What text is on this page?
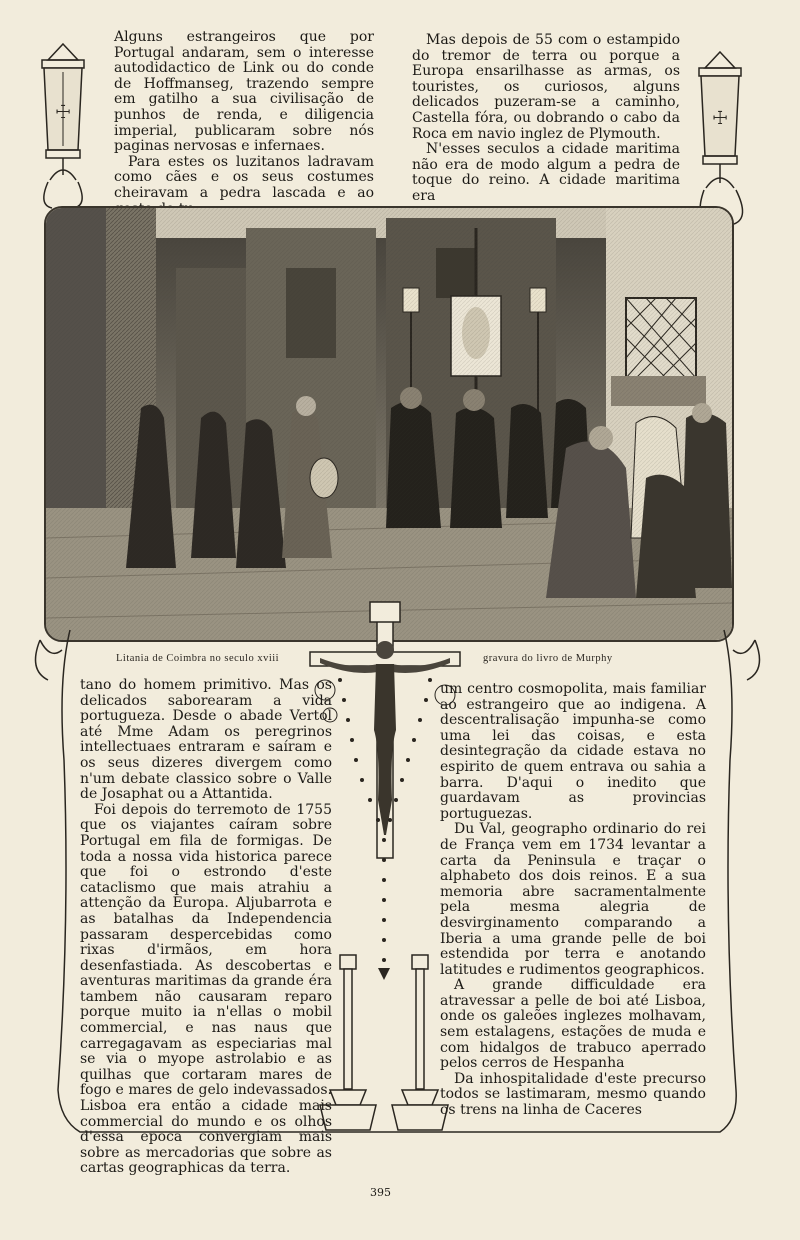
☩	☩

Alguns estrangeiros que por Portugal andaram, sem o interesse autodidactico de Link ou do conde de Hoffmanseg, trazendo sempre em gatilho a sua civilisação de punhos de renda, e diligencia imperial, publicaram sobre nós paginas nervosas e infernaes.

Para estes os luzitanos ladravam como cães e os seus costumes cheiravam a pedra lascada e ao

Mas depois de 55 com o estampido do tremor de terra ou porque a Europa ensarilhasse as armas, os touristes, os curiosos, alguns delicados puzeram-se a caminho, Castella fóra, ou dobrando o cabo da Roca em navio inglez de Plymouth.

N'esses seculos a cidade maritima não era de modo algum a pedra de toque do reino. A cidade maritima era

Litania de Coimbra no seculo xviii	gravura do livro de Murphy

tano do homem primitivo. Mas os delicados saborearam a vida portugueza. Desde o abade Vertol até Mme Adam os peregrinos intellectuaes entraram e saíram e os seus dizeres divergem como n'um debate classico sobre o Valle de Josaphat ou a Attantida.

Foi depois do terremoto de 1755 que os viajantes caíram sobre Portugal em fila de formigas. De toda a nossa vida historica parece que foi o estrondo d'este cataclismo que mais atrahiu a attenção da Europa. Aljubarrota e as batalhas da Independencia passaram despercebidas como rixas d'irmãos, em hora desenfastiada. As descobertas e aventuras maritimas da grande éra tambem não causaram reparo porque muito ia n'ellas o mobil commercial, e nas naus que carregagavam as especiarias mal se via o myope astrolabio e as quilhas que cortaram mares de fogo e mares de gelo indevassados. Lisboa era então a cidade mais commercial do mundo e os olhos d'essa epoca convergiam mais sobre as mercadorias que sobre as cartas geographicas da terra.

um centro cosmopolita, mais familiar ao estrangeiro que ao indigena. A descentralisação impunha-se como uma lei das coisas, e esta desintegração da cidade estava no espirito de quem entrava ou sahia a barra. D'aqui o inedito que guardavam as provincias portuguezas.

Du Val, geographo ordinario do rei de França vem em 1734 levantar a carta da Peninsula e traçar o alphabeto dos dois reinos. E a sua memoria abre sacramentalmente pela mesma alegria de desvirginamento comparando a Iberia a uma grande pelle de boi estendida por terra e anotando latitudes e rudimentos geographicos.

A grande difficuldade era atravessar a pelle de boi até Lisboa, onde os galeões inglezes molhavam, sem estalagens, estações de muda e com hidalgos de trabuco aperrado pelos cerros de Hespanha

Da inhospitalidade d'este precurso todos se lastimaram, mesmo quando os trens na linha de Caceres

395
